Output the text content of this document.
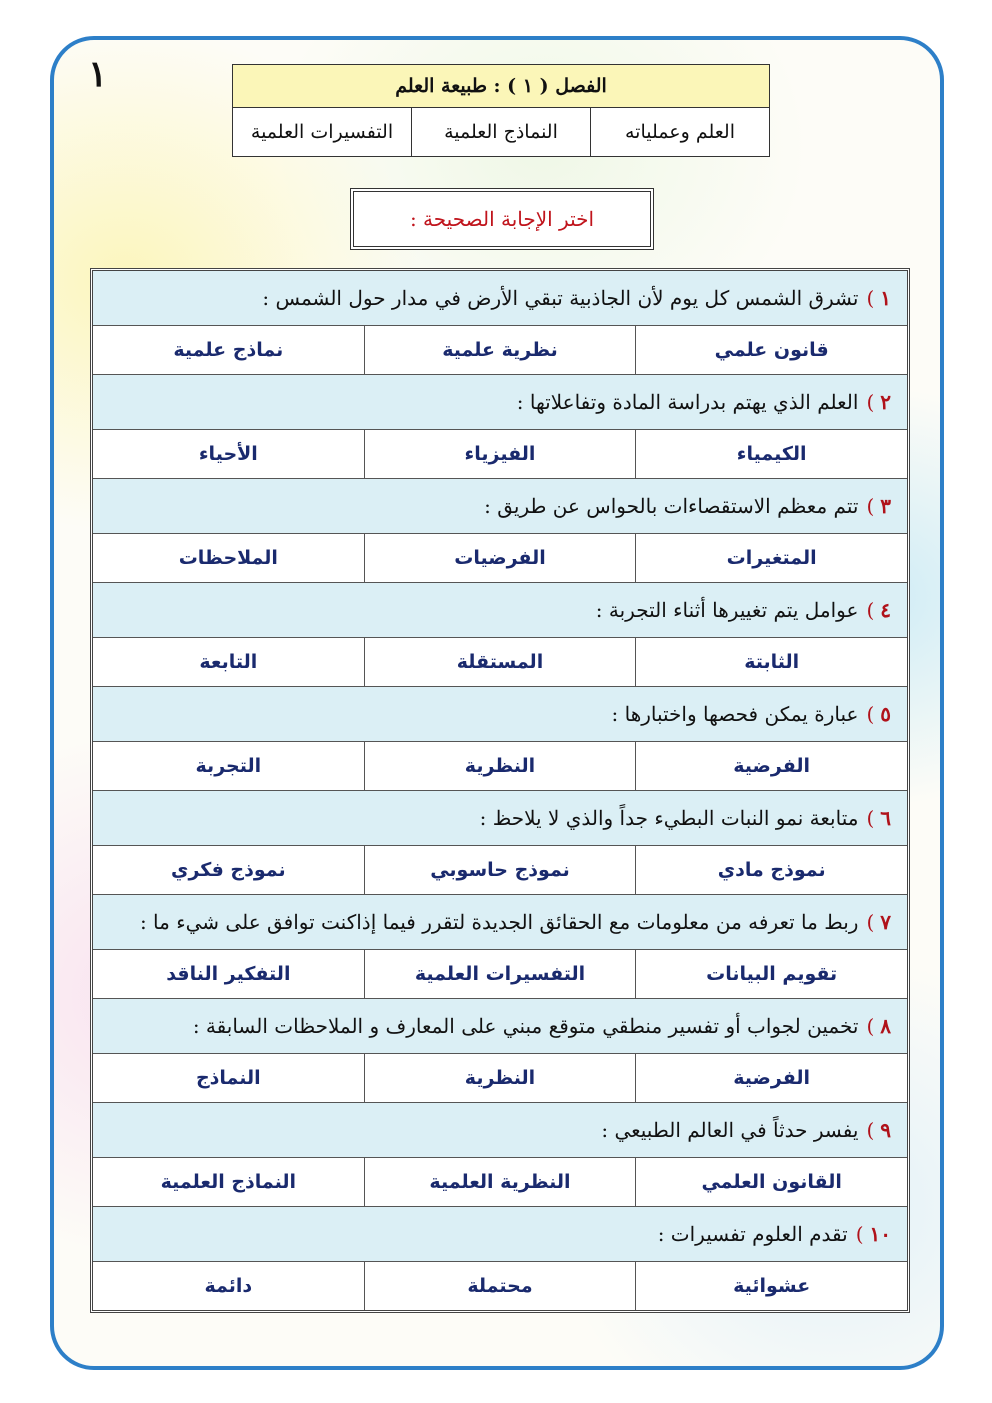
١	الفصل ( ١ ) : طبيعة العلم
العلم وعملياته
النماذج العلمية
التفسيرات العلمية
اختر الإجابة الصحيحة :
١
)
تشرق الشمس كل يوم لأن الجاذبية تبقي الأرض في مدار حول الشمس :
قانون علمي
نظرية علمية
نماذج علمية
٢
)
العلم الذي يهتم بدراسة المادة وتفاعلاتها :
الكيمياء
الفيزياء
الأحياء
٣
)
تتم معظم الاستقصاءات بالحواس عن طريق :
المتغيرات
الفرضيات
الملاحظات
٤
)
عوامل يتم تغييرها أثناء التجربة :
الثابتة
المستقلة
التابعة
٥
)
عبارة يمكن فحصها واختبارها :
الفرضية
النظرية
التجربة
٦
)
متابعة نمو النبات البطيء جداً والذي لا يلاحظ :
نموذج مادي
نموذج حاسوبي
نموذج فكري
٧
)
ربط ما تعرفه من معلومات مع الحقائق الجديدة لتقرر فيما إذاكنت توافق على شيء ما :
تقويم البيانات
التفسيرات العلمية
التفكير الناقد
٨
)
تخمين لجواب أو تفسير منطقي متوقع مبني على المعارف و الملاحظات السابقة :
الفرضية
النظرية
النماذج
٩
)
يفسر حدثاً في العالم الطبيعي :
القانون العلمي
النظرية العلمية
النماذج العلمية
١٠
)
تقدم العلوم تفسيرات :
عشوائية
محتملة
دائمة
